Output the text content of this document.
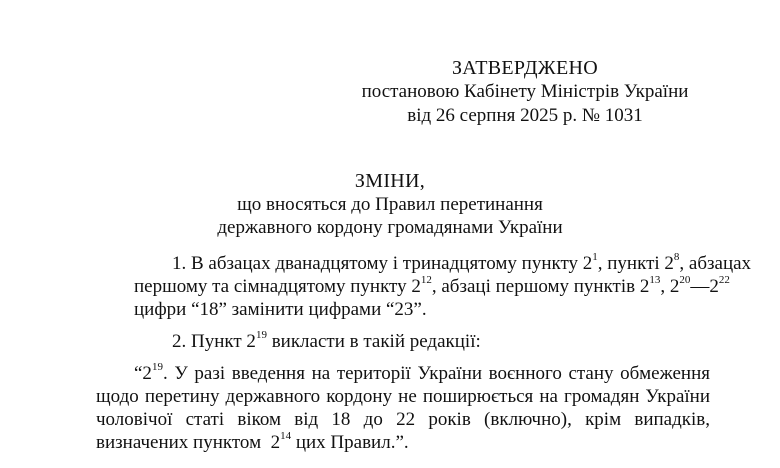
ЗАТВЕРДЖЕНО
постановою Кабінету Міністрів України
від 26 серпня 2025 р. № 1031
ЗМІНИ,
що вносяться до Правил перетинання
державного кордону громадянами України
1. В абзацах дванадцятому і тринадцятому пункту $2^1$, пункті $2^8$, абзацах
першому та сімнадцятому пункту $2^{12}$, абзаці першому пунктів $2^{13}$, $2^{20}—2^{22}$
цифри “18” замінити цифрами “23”.
2. Пункт $2^{19}$ викласти в такій редакції:
“$2^{19}$. У разі введення на території України воєнного стану обмеження
щодо перетину державного кордону не поширюється на громадян України
чоловічої статі віком від 18 до 22 років (включно), крім випадків,
визначених пунктом  $2^{14}$ цих Правил.”.
